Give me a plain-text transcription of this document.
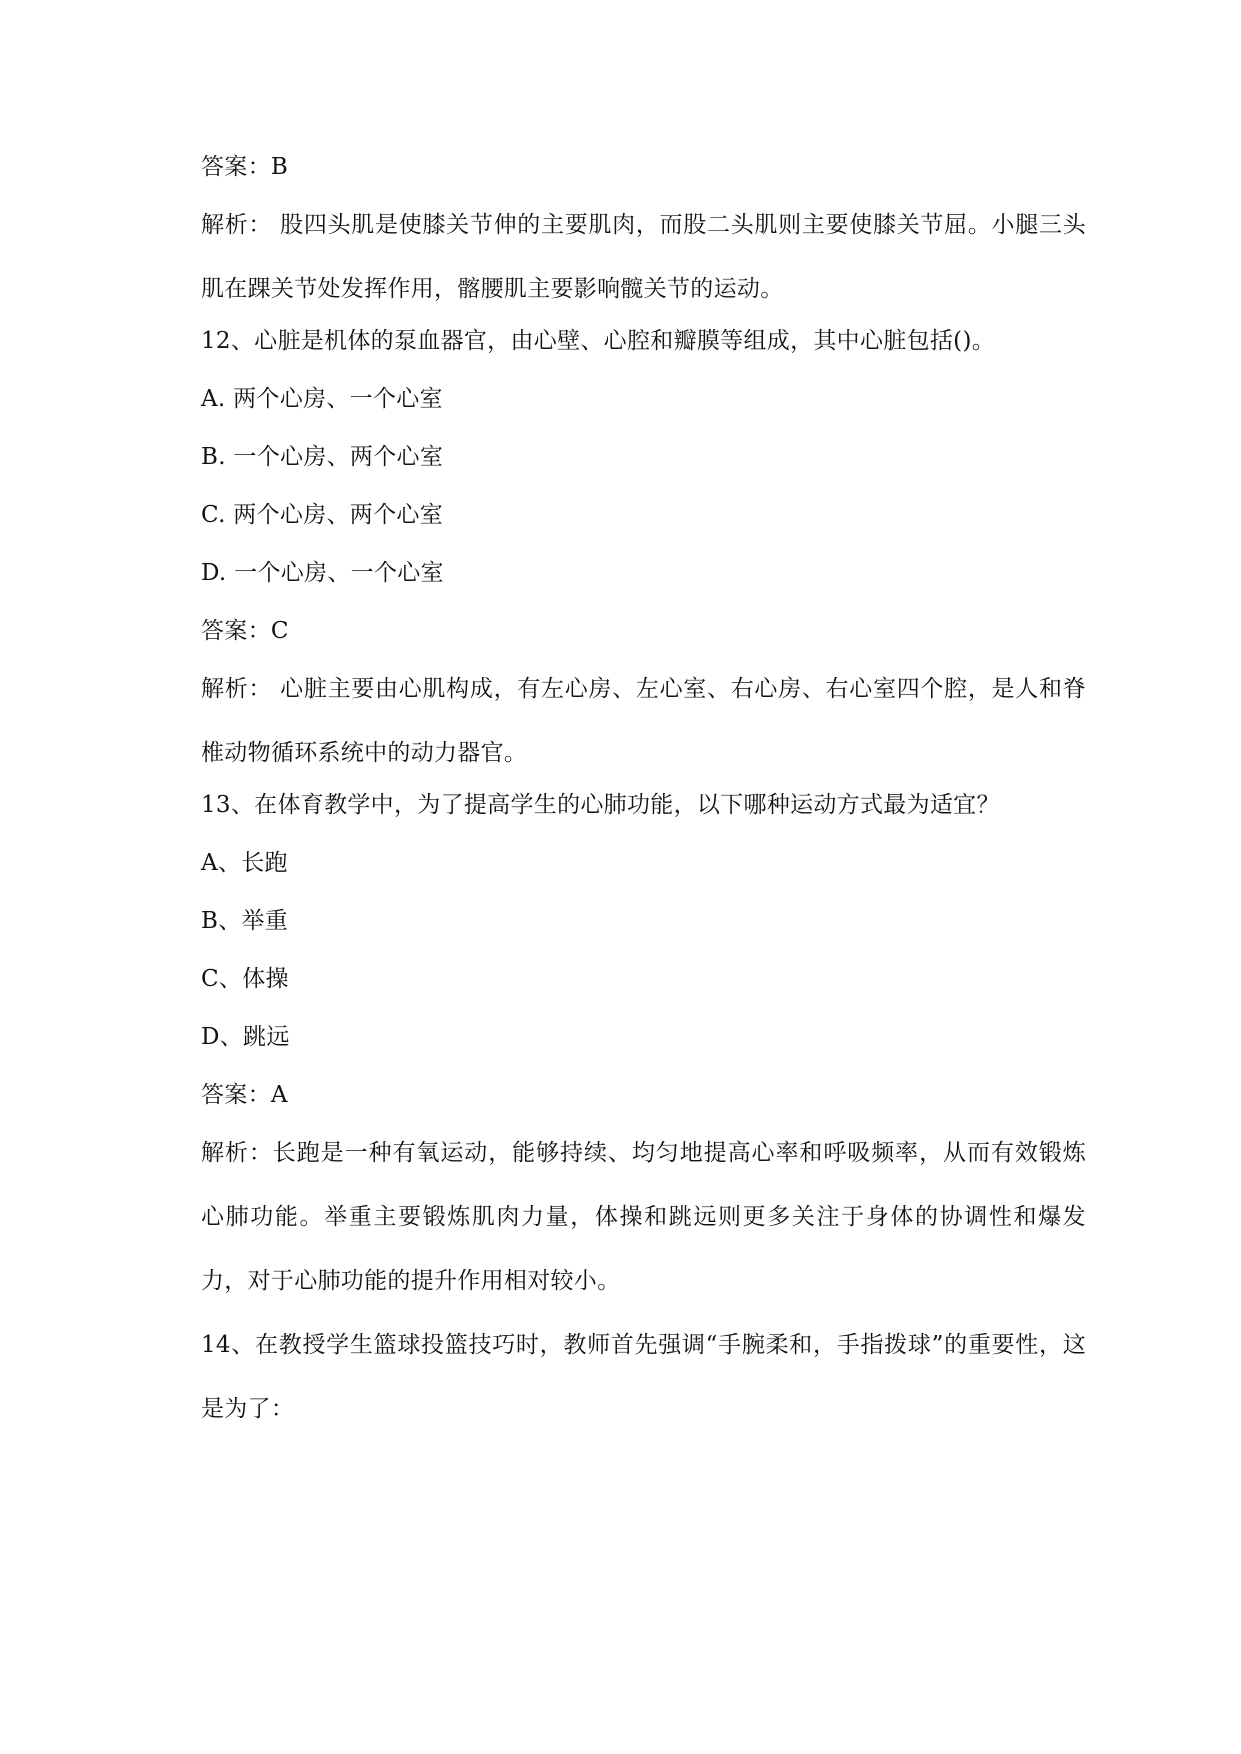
答案：B
解析： 股四头肌是使膝关节伸的主要肌肉，而股二头肌则主要使膝关节屈。小腿三头肌在踝关节处发挥作用，髂腰肌主要影响髋关节的运动。
12、心脏是机体的泵血器官，由心壁、心腔和瓣膜等组成，其中心脏包括()。
A. 两个心房、一个心室
B. 一个心房、两个心室
C. 两个心房、两个心室
D. 一个心房、一个心室
答案：C
解析： 心脏主要由心肌构成，有左心房、左心室、右心房、右心室四个腔，是人和脊椎动物循环系统中的动力器官。
13、在体育教学中，为了提高学生的心肺功能，以下哪种运动方式最为适宜？
A、长跑
B、举重
C、体操
D、跳远
答案：A
解析：长跑是一种有氧运动，能够持续、均匀地提高心率和呼吸频率，从而有效锻炼心肺功能。举重主要锻炼肌肉力量，体操和跳远则更多关注于身体的协调性和爆发力，对于心肺功能的提升作用相对较小。
14、在教授学生篮球投篮技巧时，教师首先强调“手腕柔和，手指拨球”的重要性，这是为了：
